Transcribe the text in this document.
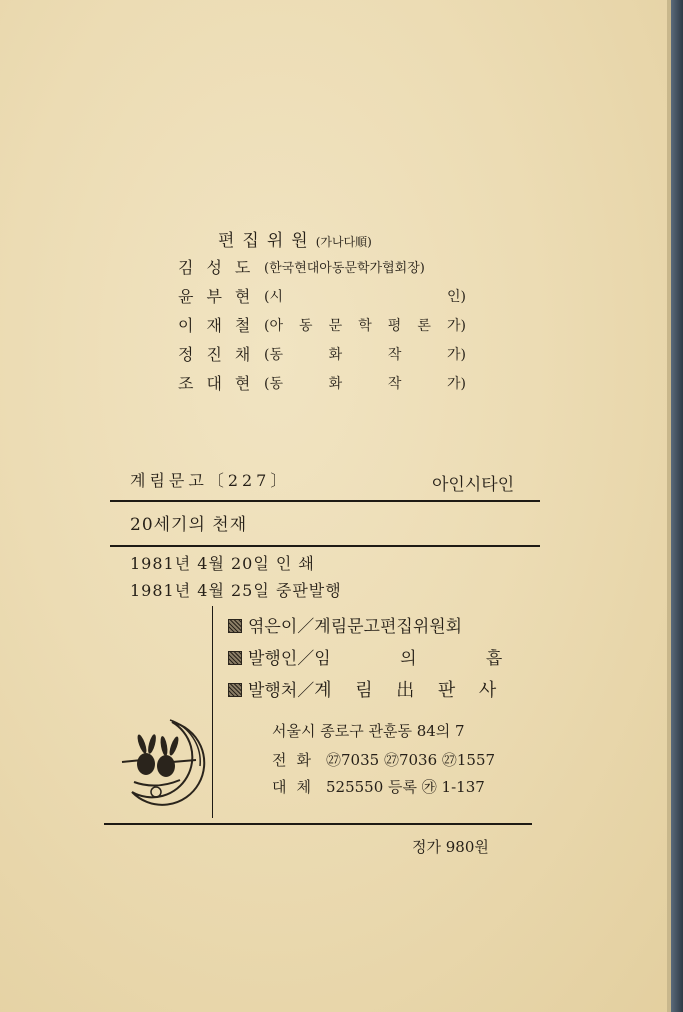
편집위원(가나다順)
김성도 (한국현대아동문학가협회장)
윤부현 (시	인)
이재철 (아 동 문 학 평 론 가)
정진채 (동	화	작	가)
조대현 (동	화	작	가)
계림문고〔227〕	아인시타인
20세기의 천재
1981년 4월 20일 인 쇄
1981년 4월 25일 중판발행
엮은이／계림문고편집위원회
발행인／ 임	의	흡
발행처／ 계 림 出 판 사
서울시 종로구 관훈동 84의 7
전화 ㉗7035 ㉗7036 ㉗1557
대체 525550 등록 ㉮ 1-137
정가 980원
